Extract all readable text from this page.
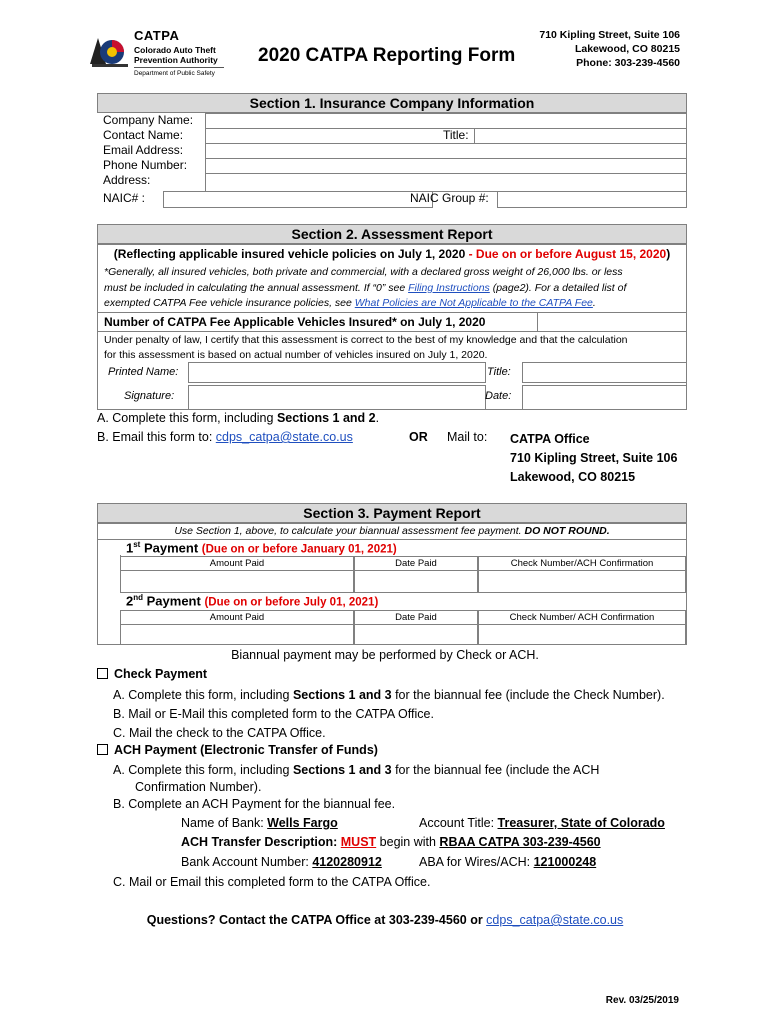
CATPA
Colorado Auto Theft
Prevention Authority
Department of Public Safety
2020 CATPA Reporting Form
710 Kipling Street, Suite 106
Lakewood, CO 80215
Phone: 303-239-4560
Section 1. Insurance Company Information
Company Name:
Contact Name:	Title:
Email Address:
Phone Number:
Address:
NAIC# :	NAIC Group #:
Section 2. Assessment Report
(Reflecting applicable insured vehicle policies on July 1, 2020 - Due on or before August 15, 2020)
*Generally, all insured vehicles, both private and commercial, with a declared gross weight of 26,000 lbs. or less
must be included in calculating the annual assessment. If “0” see Filing Instructions (page2). For a detailed list of
exempted CATPA Fee vehicle insurance policies, see What Policies are Not Applicable to the CATPA Fee.
Number of CATPA Fee Applicable Vehicles Insured* on July 1, 2020
Under penalty of law, I certify that this assessment is correct to the best of my knowledge and that the calculation
for this assessment is based on actual number of vehicles insured on July 1, 2020.
Printed Name:	Title:
Signature:	Date:
A. Complete this form, including Sections 1 and 2.
B. Email this form to: cdps_catpa@state.co.us	OR Mail to: CATPA Office
710 Kipling Street, Suite 106
Lakewood, CO 80215
Section 3. Payment Report
Use Section 1, above, to calculate your biannual assessment fee payment. DO NOT ROUND.
1st Payment (Due on or before January 01, 2021)
Amount Paid	Date Paid	Check Number/ACH Confirmation
2nd Payment (Due on or before July 01, 2021)
Amount Paid	Date Paid	Check Number/ ACH Confirmation
Biannual payment may be performed by Check or ACH.
Check Payment
A. Complete this form, including Sections 1 and 3 for the biannual fee (include the Check Number).
B. Mail or E-Mail this completed form to the CATPA Office.
C. Mail the check to the CATPA Office.
ACH Payment (Electronic Transfer of Funds)
A. Complete this form, including Sections 1 and 3 for the biannual fee (include the ACH
Confirmation Number).
B. Complete an ACH Payment for the biannual fee.
Name of Bank: Wells Fargo	Account Title: Treasurer, State of Colorado
ACH Transfer Description: MUST begin with RBAA CATPA 303-239-4560
Bank Account Number: 4120280912	ABA for Wires/ACH: 121000248
C. Mail or Email this completed form to the CATPA Office.
Questions? Contact the CATPA Office at 303-239-4560 or cdps_catpa@state.co.us
Rev. 03/25/2019
